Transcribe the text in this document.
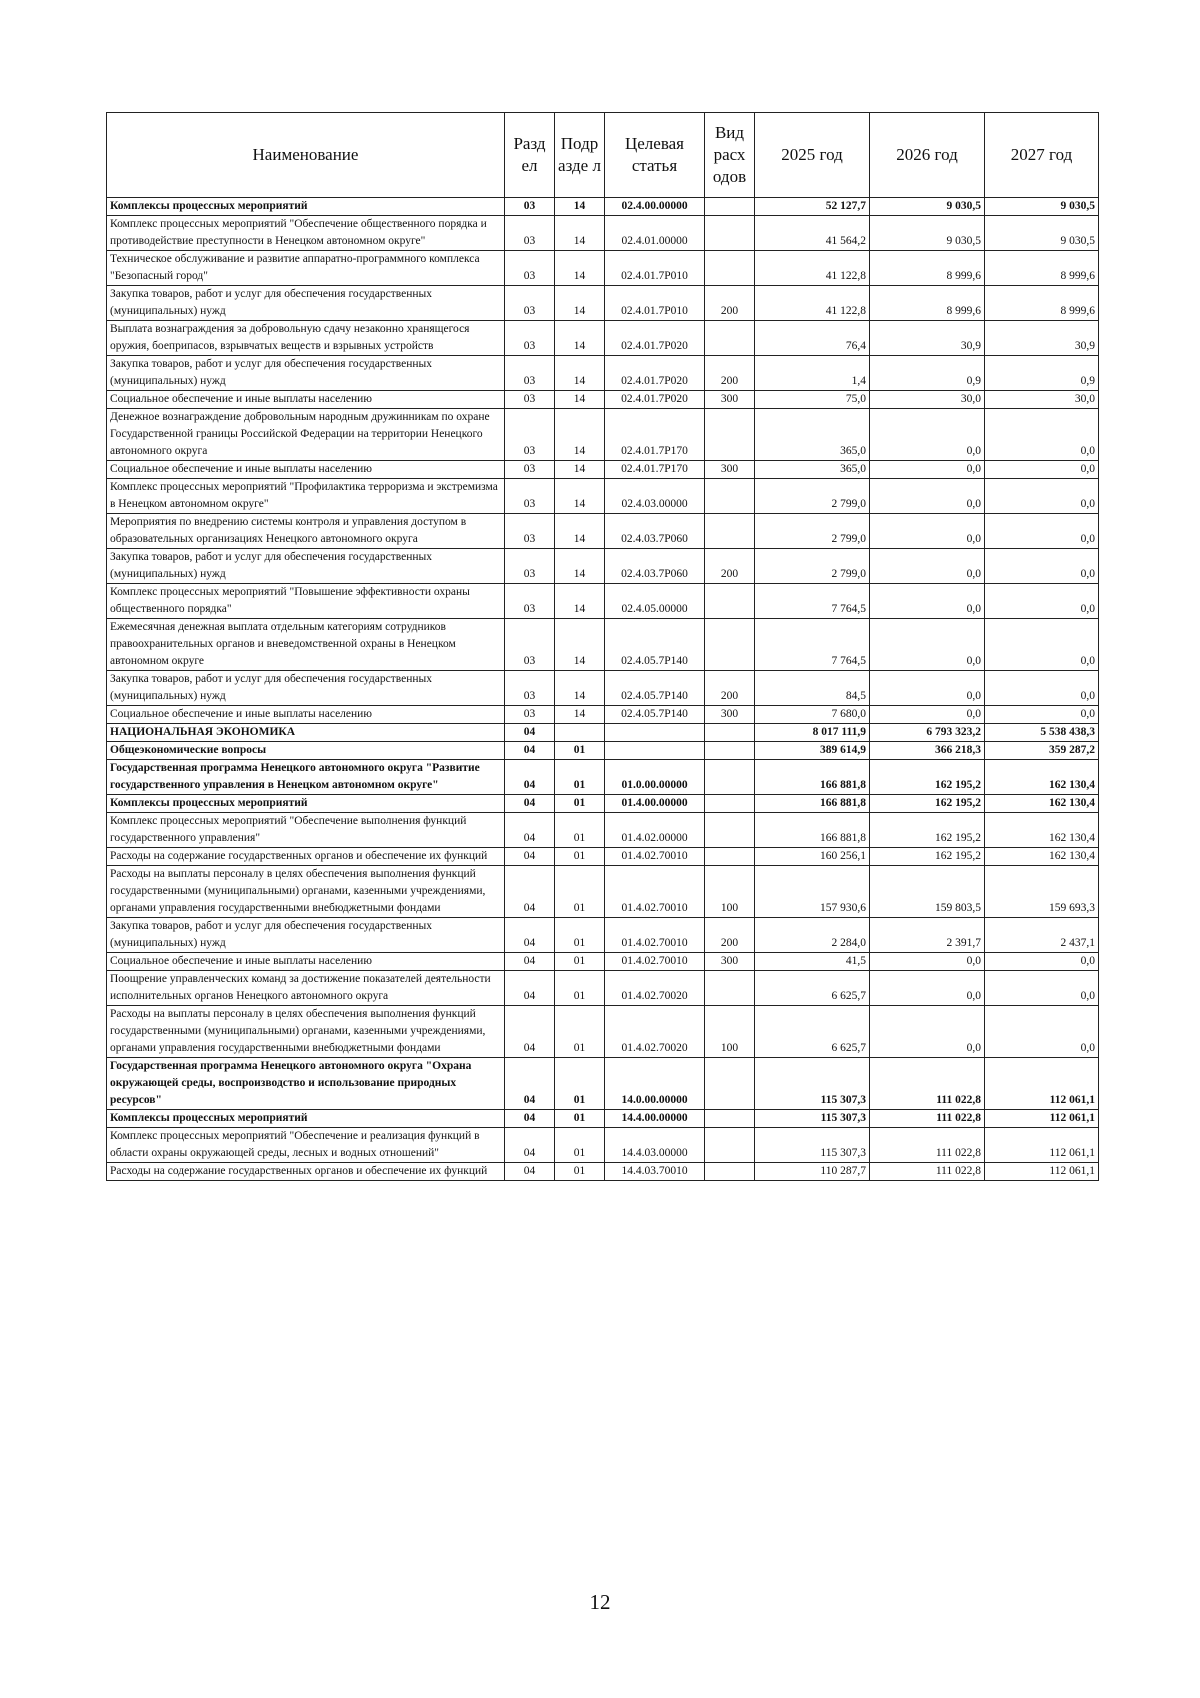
Наименование	Разд ел	Подр азде л	Целевая статья	Вид расх одов	2025 год	2026 год	2027 год
Комплексы процессных мероприятий	03	14	02.4.00.00000		52 127,7	9 030,5	9 030,5
Комплекс процессных мероприятий "Обеспечение общественного порядка и противодействие преступности в Ненецком автономном округе"	03	14	02.4.01.00000		41 564,2	9 030,5	9 030,5
Техническое обслуживание и развитие аппаратно-программного комплекса "Безопасный город"	03	14	02.4.01.7Р010		41 122,8	8 999,6	8 999,6
Закупка товаров, работ и услуг для обеспечения государственных (муниципальных) нужд	03	14	02.4.01.7Р010	200	41 122,8	8 999,6	8 999,6
Выплата вознаграждения за добровольную сдачу незаконно хранящегося оружия, боеприпасов, взрывчатых веществ и взрывных устройств	03	14	02.4.01.7Р020		76,4	30,9	30,9
Закупка товаров, работ и услуг для обеспечения государственных (муниципальных) нужд	03	14	02.4.01.7Р020	200	1,4	0,9	0,9
Социальное обеспечение и иные выплаты населению	03	14	02.4.01.7Р020	300	75,0	30,0	30,0
Денежное вознаграждение добровольным народным дружинникам по охране Государственной границы Российской Федерации на территории Ненецкого автономного округа	03	14	02.4.01.7Р170		365,0	0,0	0,0
Социальное обеспечение и иные выплаты населению	03	14	02.4.01.7Р170	300	365,0	0,0	0,0
Комплекс процессных мероприятий "Профилактика терроризма и экстремизма в Ненецком автономном округе"	03	14	02.4.03.00000		2 799,0	0,0	0,0
Мероприятия по внедрению системы контроля и управления доступом в образовательных организациях Ненецкого автономного округа	03	14	02.4.03.7Р060		2 799,0	0,0	0,0
Закупка товаров, работ и услуг для обеспечения государственных (муниципальных) нужд	03	14	02.4.03.7Р060	200	2 799,0	0,0	0,0
Комплекс процессных мероприятий "Повышение эффективности охраны общественного порядка"	03	14	02.4.05.00000		7 764,5	0,0	0,0
Ежемесячная денежная выплата отдельным категориям сотрудников правоохранительных органов и вневедомственной охраны в Ненецком автономном округе	03	14	02.4.05.7Р140		7 764,5	0,0	0,0
Закупка товаров, работ и услуг для обеспечения государственных (муниципальных) нужд	03	14	02.4.05.7Р140	200	84,5	0,0	0,0
Социальное обеспечение и иные выплаты населению	03	14	02.4.05.7Р140	300	7 680,0	0,0	0,0
НАЦИОНАЛЬНАЯ ЭКОНОМИКА	04				8 017 111,9	6 793 323,2	5 538 438,3
Общеэкономические вопросы	04	01			389 614,9	366 218,3	359 287,2
Государственная программа Ненецкого автономного округа "Развитие государственного управления в Ненецком автономном округе"	04	01	01.0.00.00000		166 881,8	162 195,2	162 130,4
Комплексы процессных мероприятий	04	01	01.4.00.00000		166 881,8	162 195,2	162 130,4
Комплекс процессных мероприятий "Обеспечение выполнения функций государственного управления"	04	01	01.4.02.00000		166 881,8	162 195,2	162 130,4
Расходы на содержание государственных органов и обеспечение их функций	04	01	01.4.02.70010		160 256,1	162 195,2	162 130,4
Расходы на выплаты персоналу в целях обеспечения выполнения функций государственными (муниципальными) органами, казенными учреждениями, органами управления государственными внебюджетными фондами	04	01	01.4.02.70010	100	157 930,6	159 803,5	159 693,3
Закупка товаров, работ и услуг для обеспечения государственных (муниципальных) нужд	04	01	01.4.02.70010	200	2 284,0	2 391,7	2 437,1
Социальное обеспечение и иные выплаты населению	04	01	01.4.02.70010	300	41,5	0,0	0,0
Поощрение управленческих команд за достижение показателей деятельности исполнительных органов Ненецкого автономного округа	04	01	01.4.02.70020		6 625,7	0,0	0,0
Расходы на выплаты персоналу в целях обеспечения выполнения функций государственными (муниципальными) органами, казенными учреждениями, органами управления государственными внебюджетными фондами	04	01	01.4.02.70020	100	6 625,7	0,0	0,0
Государственная программа Ненецкого автономного округа "Охрана окружающей среды, воспроизводство и использование природных ресурсов"	04	01	14.0.00.00000		115 307,3	111 022,8	112 061,1
Комплексы процессных мероприятий	04	01	14.4.00.00000		115 307,3	111 022,8	112 061,1
Комплекс процессных мероприятий "Обеспечение и реализация функций в области охраны окружающей среды, лесных и водных отношений"	04	01	14.4.03.00000		115 307,3	111 022,8	112 061,1
Расходы на содержание государственных органов и обеспечение их функций	04	01	14.4.03.70010		110 287,7	111 022,8	112 061,1
12
